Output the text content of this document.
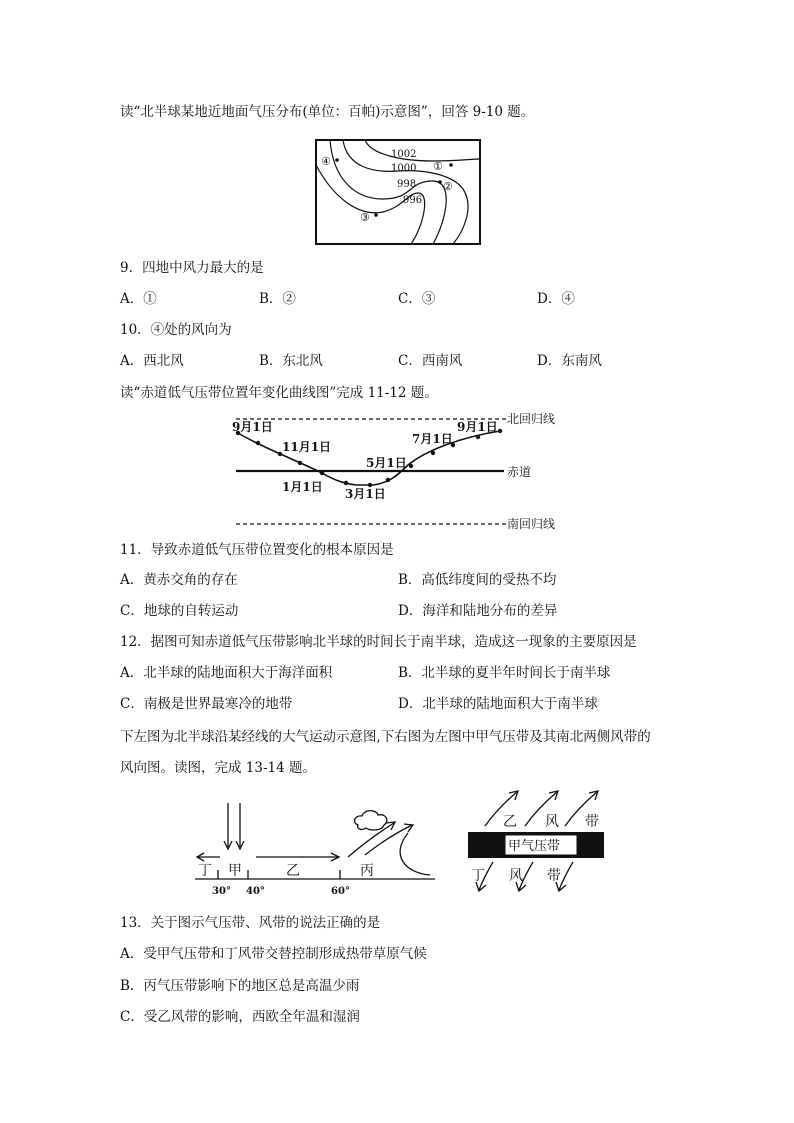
读“北半球某地近地面气压分布(单位：百帕)示意图”，回答 9-10 题。
1002
1000
998
996
①
②
③
④
9．四地中风力最大的是
A．①	B．②	C．③	D．④
10．④处的风向为
A．西北风	B．东北风	C．西南风	D．东南风
读“赤道低气压带位置年变化曲线图”完成 11-12 题。
北回归线
赤道
南回归线
9月1日
11月1日
1月1日 3月1日
5月1日
7月1日
9月1日
11．导致赤道低气压带位置变化的根本原因是
A．黄赤交角的存在	B．高低纬度间的受热不均
C．地球的自转运动	D．海洋和陆地分布的差异
12．据图可知赤道低气压带影响北半球的时间长于南半球，造成这一现象的主要原因是
A．北半球的陆地面积大于海洋面积	B．北半球的夏半年时间长于南半球
C．南极是世界最寒冷的地带	D．北半球的陆地面积大于南半球
下左图为北半球沿某经线的大气运动示意图,下右图为左图中甲气压带及其南北两侧风带的
风向图。读图，完成 13-14 题。
丁 甲	乙	丙
30° 40°	60°
乙 风 带
甲气压带
丁 风 带
13．关于图示气压带、风带的说法正确的是
A．受甲气压带和丁风带交替控制形成热带草原气候
B．丙气压带影响下的地区总是高温少雨
C．受乙风带的影响，西欧全年温和湿润
